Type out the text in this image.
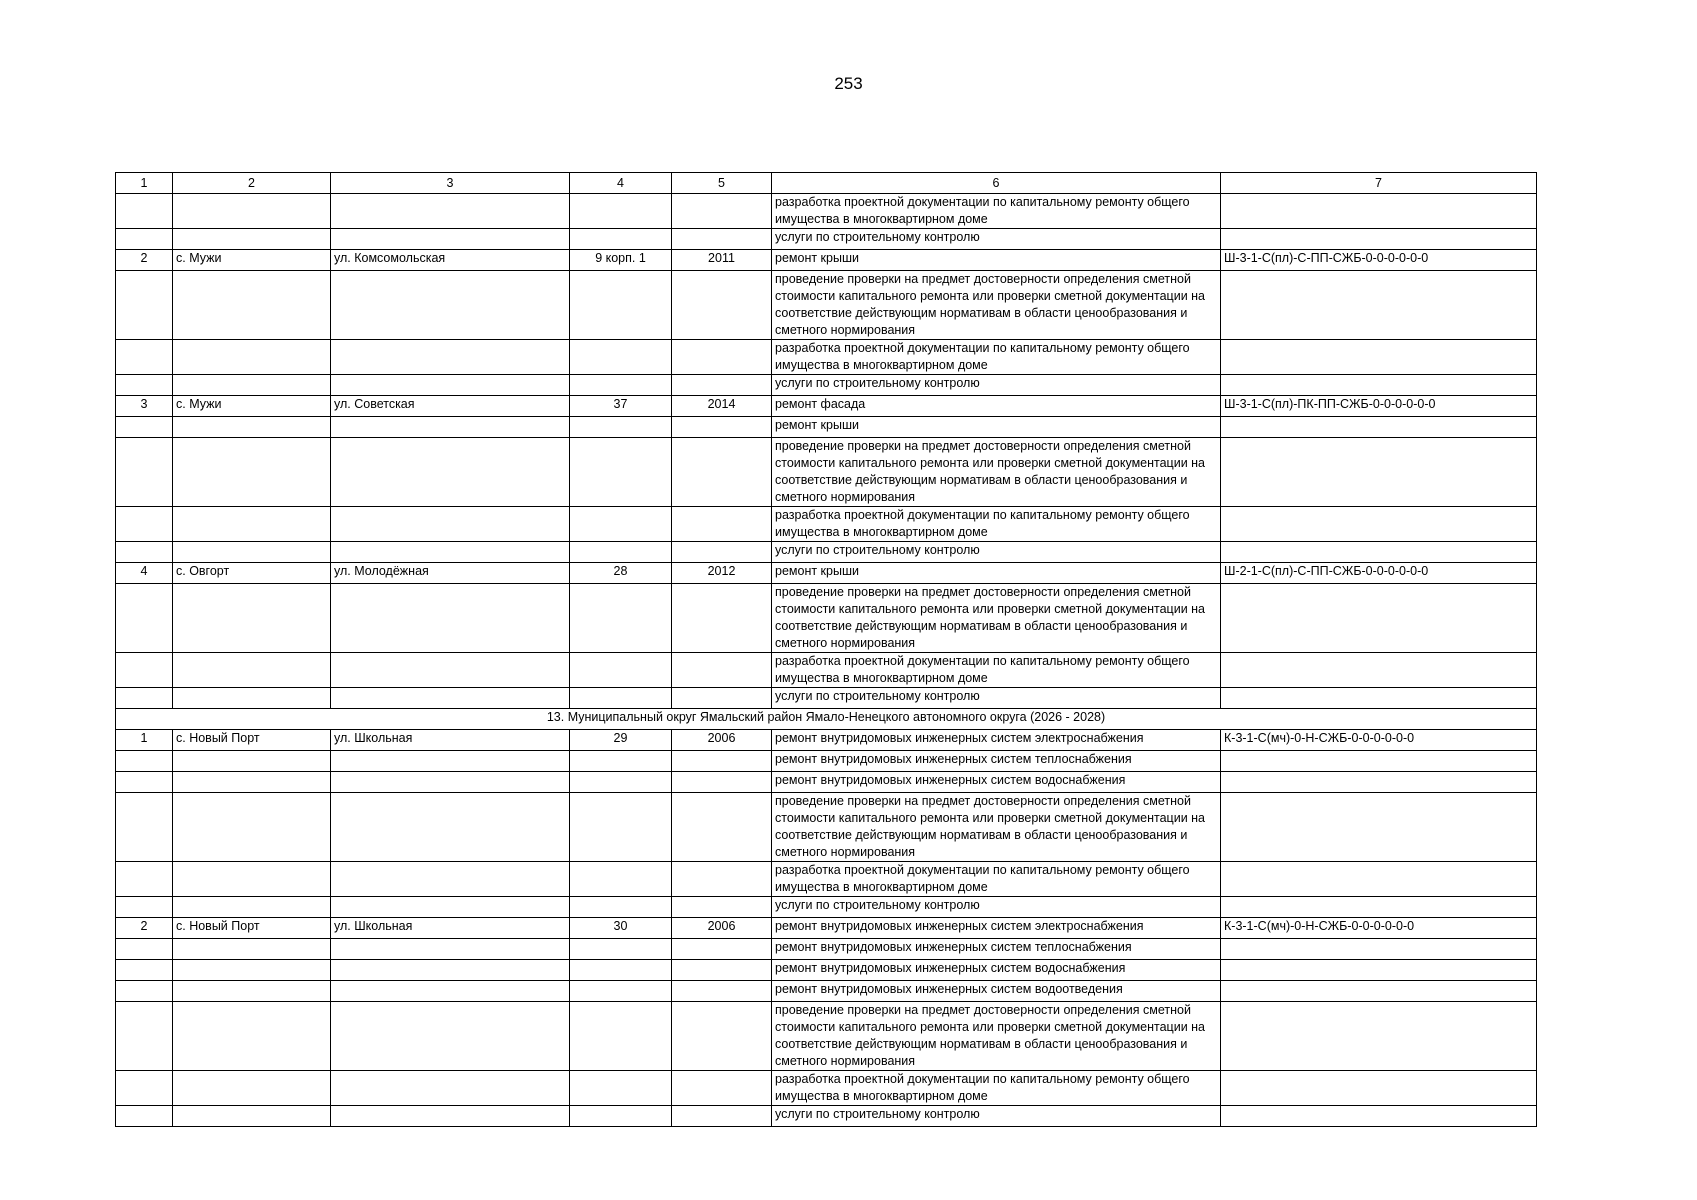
253
1	2	3	4	5	6	7
					разработка проектной документации по капитальному ремонту общего имущества в многоквартирном доме	
					услуги по строительному контролю	
2	с. Мужи	ул. Комсомольская	9 корп. 1	2011	ремонт крыши	Ш-3-1-С(пл)-С-ПП-СЖБ-0-0-0-0-0-0
					проведение проверки на предмет достоверности определения сметной стоимости капитального ремонта или проверки сметной документации на соответствие действующим нормативам в области ценообразования и сметного нормирования	
					разработка проектной документации по капитальному ремонту общего имущества в многоквартирном доме	
					услуги по строительному контролю	
3	с. Мужи	ул. Советская	37	2014	ремонт фасада	Ш-3-1-С(пл)-ПК-ПП-СЖБ-0-0-0-0-0-0
					ремонт крыши	
					проведение проверки на предмет достоверности определения сметной стоимости капитального ремонта или проверки сметной документации на соответствие действующим нормативам в области ценообразования и сметного нормирования	
					разработка проектной документации по капитальному ремонту общего имущества в многоквартирном доме	
					услуги по строительному контролю	
4	с. Овгорт	ул. Молодёжная	28	2012	ремонт крыши	Ш-2-1-С(пл)-С-ПП-СЖБ-0-0-0-0-0-0
					проведение проверки на предмет достоверности определения сметной стоимости капитального ремонта или проверки сметной документации на соответствие действующим нормативам в области ценообразования и сметного нормирования	
					разработка проектной документации по капитальному ремонту общего имущества в многоквартирном доме	
					услуги по строительному контролю	
13. Муниципальный округ Ямальский район Ямало-Ненецкого автономного округа (2026 - 2028)						
1	с. Новый Порт	ул. Школьная	29	2006	ремонт внутридомовых инженерных систем электроснабжения	К-3-1-С(мч)-0-Н-СЖБ-0-0-0-0-0-0
					ремонт внутридомовых инженерных систем теплоснабжения	
					ремонт внутридомовых инженерных систем водоснабжения	
					проведение проверки на предмет достоверности определения сметной стоимости капитального ремонта или проверки сметной документации на соответствие действующим нормативам в области ценообразования и сметного нормирования	
					разработка проектной документации по капитальному ремонту общего имущества в многоквартирном доме	
					услуги по строительному контролю	
2	с. Новый Порт	ул. Школьная	30	2006	ремонт внутридомовых инженерных систем электроснабжения	К-3-1-С(мч)-0-Н-СЖБ-0-0-0-0-0-0
					ремонт внутридомовых инженерных систем теплоснабжения	
					ремонт внутридомовых инженерных систем водоснабжения	
					ремонт внутридомовых инженерных систем водоотведения	
					проведение проверки на предмет достоверности определения сметной стоимости капитального ремонта или проверки сметной документации на соответствие действующим нормативам в области ценообразования и сметного нормирования	
					разработка проектной документации по капитальному ремонту общего имущества в многоквартирном доме	
					услуги по строительному контролю	
